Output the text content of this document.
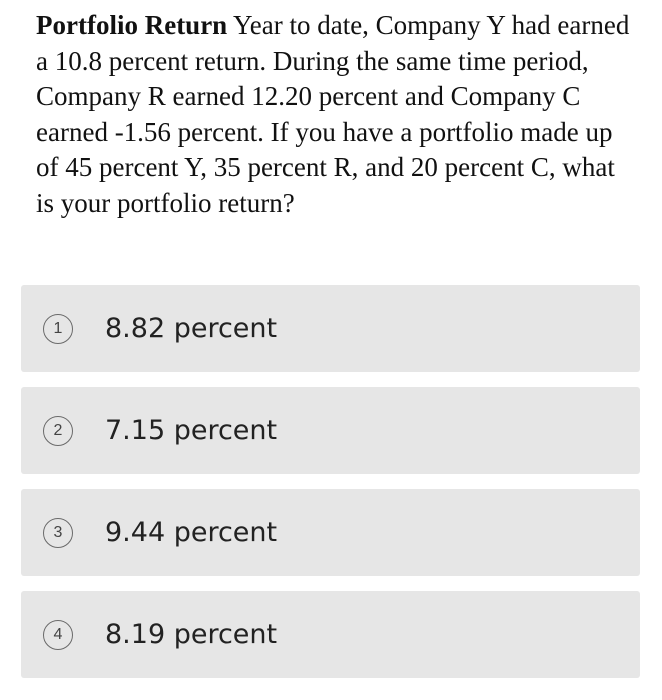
Portfolio Return Year to date, Company Y had earned a 10.8 percent return. During the same time period, Company R earned 12.20 percent and Company C earned -1.56 percent. If you have a portfolio made up of 45 percent Y, 35 percent R, and 20 percent C, what is your portfolio return?
1	8.82 percent
2	7.15 percent
3	9.44 percent
4	8.19 percent
